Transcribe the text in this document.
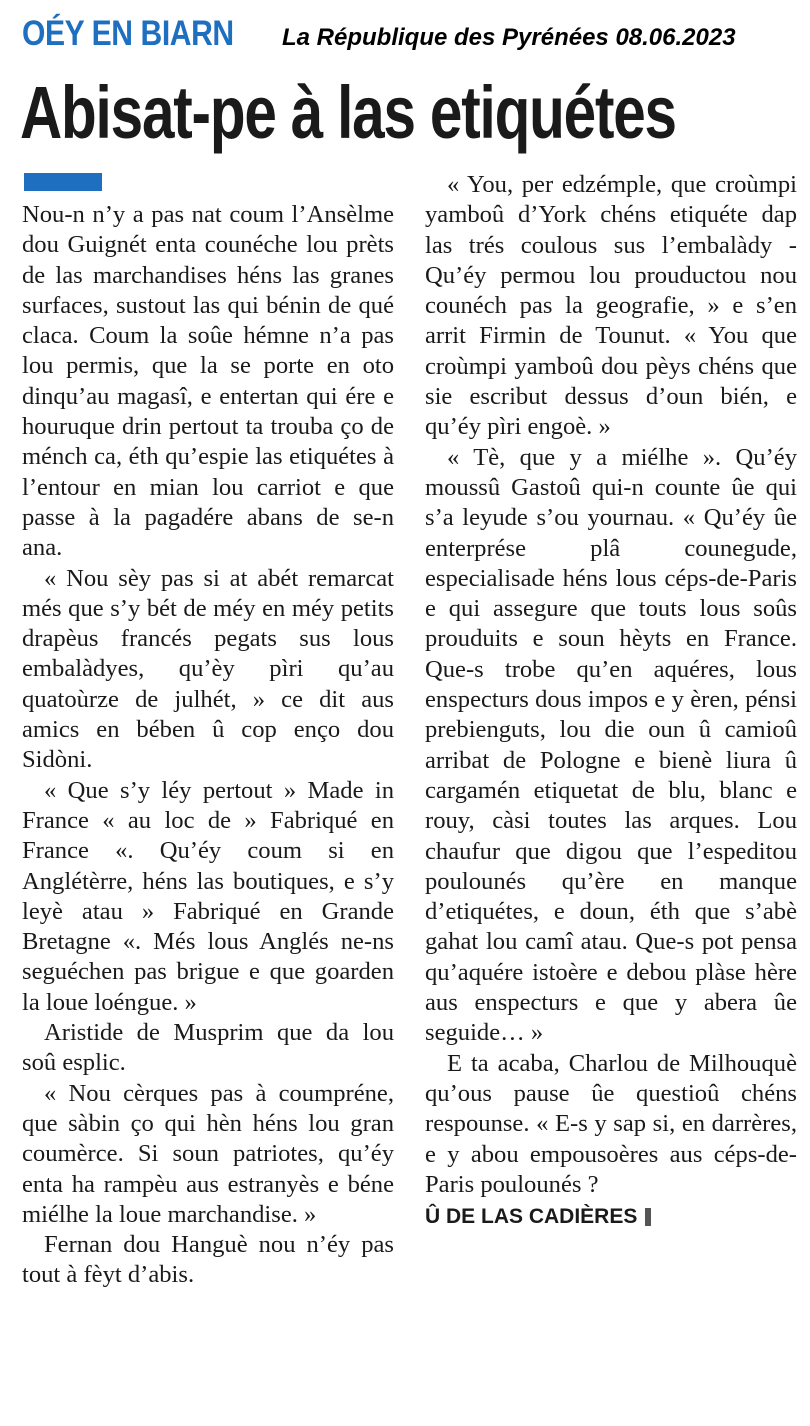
OÉY EN BIARN La République des Pyrénées 08.06.2023
Abisat-pe à las etiquétes

Nou-n n’y a pas nat coum l’Ansèlme dou Guignét enta counéche lou prèts de las marchandises héns las granes surfaces, sustout las qui bénin de qué claca. Coum la soûe hémne n’a pas lou permis, que la se porte en oto dinqu’au magasî, e entertan qui ére e houruque drin pertout ta trouba ço de ménch ca, éth qu’espie las etiquétes à l’entour en mian lou carriot e que passe à la pagadére abans de se-n ana.

« Nou sèy pas si at abét remarcat més que s’y bét de méy en méy petits drapèus francés pegats sus lous embalàdyes, qu’èy pìri qu’au quatoùrze de julhét, » ce dit aus amics en bében û cop enço dou Sidòni.

« Que s’y léy pertout » Made in France « au loc de » Fabriqué en France «. Qu’éy coum si en Anglétèrre, héns las boutiques, e s’y leyè atau » Fabriqué en Grande Bretagne «. Més lous Anglés ne-ns seguéchen pas brigue e que goarden la loue loéngue. »

Aristide de Musprim que da lou soû esplic.

« Nou cèrques pas à coumpréne, que sàbin ço qui hèn héns lou gran coumèrce. Si soun patriotes, qu’éy enta ha rampèu aus estranyès e béne miélhe la loue marchandise. »

Fernan dou Hanguè nou n’éy pas tout à fèyt d’abis.

« You, per edzémple, que croùmpi yamboû d’York chéns etiquéte dap las trés coulous sus l’embalàdy - Qu’éy permou lou prouductou nou counéch pas la geografie, » e s’en arrit Firmin de Tounut. « You que croùmpi yamboû dou pèys chéns que sie escribut dessus d’oun bién, e qu’éy pìri engoè. »

« Tè, que y a miélhe ». Qu’éy moussû Gastoû qui-n counte ûe qui s’a leyude s’ou yournau. « Qu’éy ûe enterprése plâ counegude, especialisade héns lous céps-de-Paris e qui assegure que touts lous soûs prouduits e soun hèyts en France. Que-s trobe qu’en aquéres, lous enspecturs dous impos e y èren, pénsi prebienguts, lou die oun û camioû arribat de Pologne e bienè liura û cargamén etiquetat de blu, blanc e rouy, càsi toutes las arques. Lou chaufur que digou que l’espeditou poulounés qu’ère en manque d’etiquétes, e doun, éth que s’abè gahat lou camî atau. Que-s pot pensa qu’aquére istoère e debou plàse hère aus enspecturs e que y abera ûe seguide… »

E ta acaba, Charlou de Milhouquè qu’ous pause ûe questioû chéns respounse. « E-s y sap si, en darrères, e y abou empousoères aus céps-de-Paris poulounés ?

Û DE LAS CADIÈRES
